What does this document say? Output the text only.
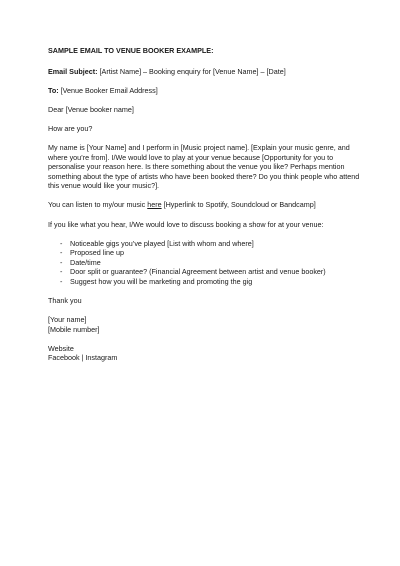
SAMPLE EMAIL TO VENUE BOOKER EXAMPLE:

Email Subject: [Artist Name] – Booking enquiry for [Venue Name] – [Date]

To: [Venue Booker Email Address]

Dear [Venue booker name]

How are you?

My name is [Your Name] and I perform in [Music project name]. [Explain your music genre, and where you’re from]. I/We would love to play at your venue because [Opportunity for you to personalise your reason here. Is there something about the venue you like? Perhaps mention something about the type of artists who have been booked there? Do you think people who attend this venue would like your music?].

You can listen to my/our music here [Hyperlink to Spotify, Soundcloud or Bandcamp]

If you like what you hear, I/We would love to discuss booking a show for at your venue:

- Noticeable gigs you’ve played [List with whom and where]
- Proposed line up
- Date/time
- Door split or guarantee? (Financial Agreement between artist and venue booker)
- Suggest how you will be marketing and promoting the gig

Thank you

[Your name]

[Mobile number]

Website

Facebook | Instagram
